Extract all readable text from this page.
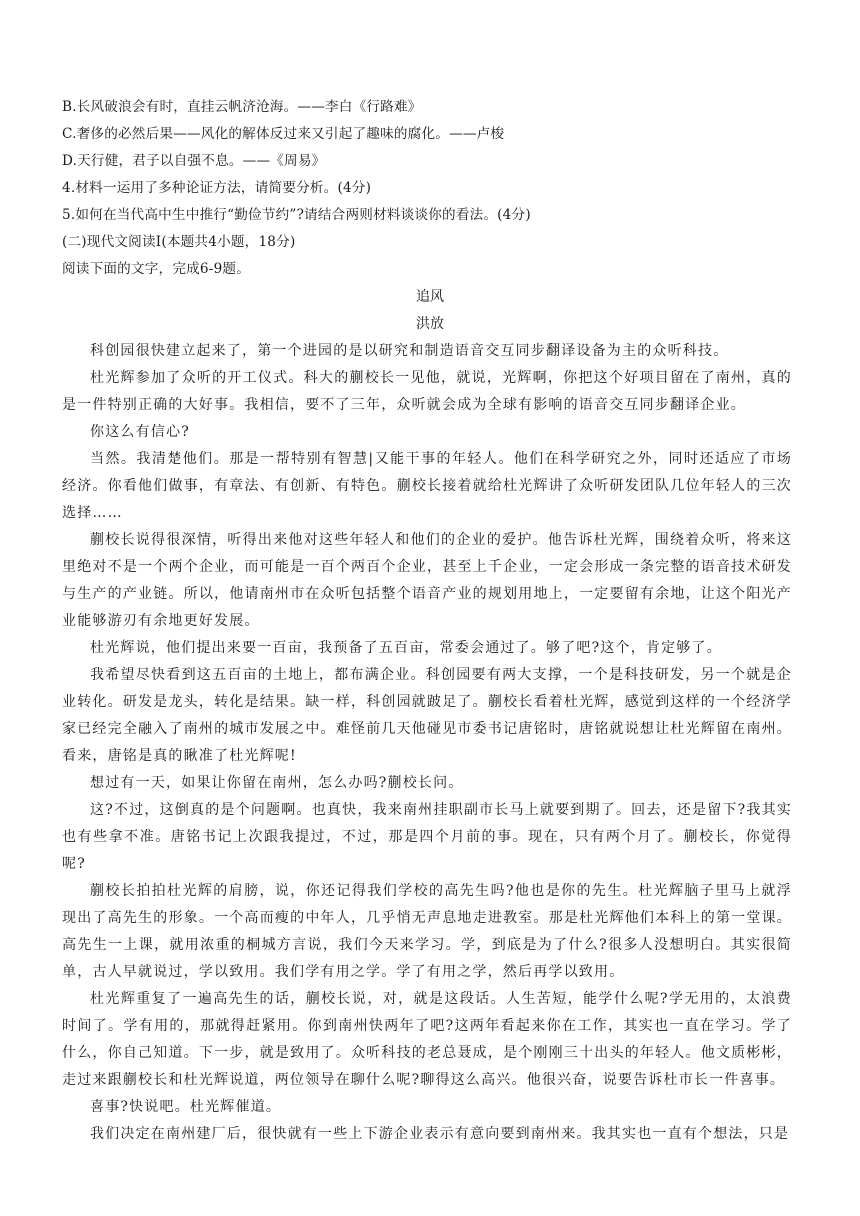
B.长风破浪会有时，直挂云帆济沧海。——李白《行路难》
C.奢侈的必然后果——风化的解体反过来又引起了趣味的腐化。——卢梭
D.天行健，君子以自强不息。——《周易》
4.材料一运用了多种论证方法，请简要分析。(4分)
5.如何在当代高中生中推行“勤俭节约”?请结合两则材料谈谈你的看法。(4分)
(二)现代文阅读Ⅰ(本题共4小题，18分)
阅读下面的文字，完成6-9题。
追风
洪放

科创园很快建立起来了，第一个进园的是以研究和制造语音交互同步翻译设备为主的众听科技。

杜光辉参加了众听的开工仪式。科大的蒯校长一见他，就说，光辉啊，你把这个好项目留在了南州，真的是一件特别正确的大好事。我相信，要不了三年，众听就会成为全球有影响的语音交互同步翻译企业。

你这么有信心?

当然。我清楚他们。那是一帮特别有智慧|又能干事的年轻人。他们在科学研究之外，同时还适应了市场经济。你看他们做事，有章法、有创新、有特色。蒯校长接着就给杜光辉讲了众听研发团队几位年轻人的三次选择……

蒯校长说得很深情，听得出来他对这些年轻人和他们的企业的爱护。他告诉杜光辉，围绕着众听，将来这里绝对不是一个两个企业，而可能是一百个两百个企业，甚至上千企业，一定会形成一条完整的语音技术研发与生产的产业链。所以，他请南州市在众听包括整个语音产业的规划用地上，一定要留有余地，让这个阳光产业能够游刃有余地更好发展。

杜光辉说，他们提出来要一百亩，我预备了五百亩，常委会通过了。够了吧?这个，肯定够了。

我希望尽快看到这五百亩的土地上，都布满企业。科创园要有两大支撑，一个是科技研发，另一个就是企业转化。研发是龙头，转化是结果。缺一样，科创园就跛足了。蒯校长看着杜光辉，感觉到这样的一个经济学家已经完全融入了南州的城市发展之中。难怪前几天他碰见市委书记唐铭时，唐铭就说想让杜光辉留在南州。看来，唐铭是真的瞅准了杜光辉呢!

想过有一天，如果让你留在南州，怎么办吗?蒯校长问。

这?不过，这倒真的是个问题啊。也真快，我来南州挂职副市长马上就要到期了。回去，还是留下?我其实也有些拿不准。唐铭书记上次跟我提过，不过，那是四个月前的事。现在，只有两个月了。蒯校长，你觉得呢?

蒯校长拍拍杜光辉的肩膀，说，你还记得我们学校的高先生吗?他也是你的先生。杜光辉脑子里马上就浮现出了高先生的形象。一个高而瘦的中年人，几乎悄无声息地走进教室。那是杜光辉他们本科上的第一堂课。高先生一上课，就用浓重的桐城方言说，我们今天来学习。学，到底是为了什么?很多人没想明白。其实很简单，古人早就说过，学以致用。我们学有用之学。学了有用之学，然后再学以致用。

杜光辉重复了一遍高先生的话，蒯校长说，对，就是这段话。人生苦短，能学什么呢?学无用的，太浪费时间了。学有用的，那就得赶紧用。你到南州快两年了吧?这两年看起来你在工作，其实也一直在学习。学了什么，你自己知道。下一步，就是致用了。众听科技的老总聂成，是个刚刚三十出头的年轻人。他文质彬彬，走过来跟蒯校长和杜光辉说道，两位领导在聊什么呢?聊得这么高兴。他很兴奋，说要告诉杜市长一件喜事。

喜事?快说吧。杜光辉催道。

我们决定在南州建厂后，很快就有一些上下游企业表示有意向要到南州来。我其实也一直有个想法，只是
